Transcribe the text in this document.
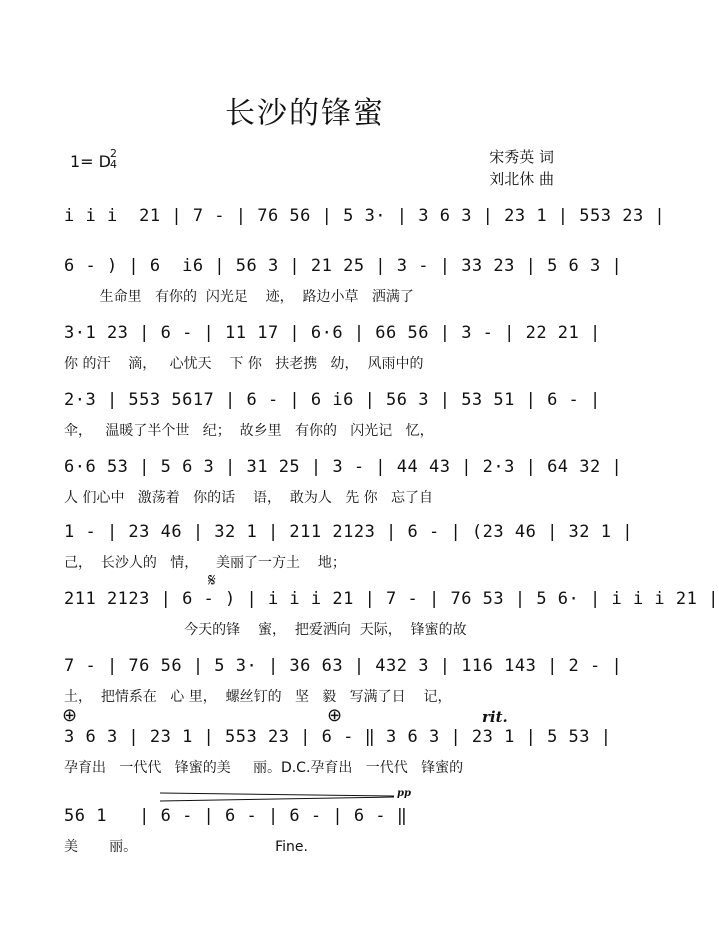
长沙的锋蜜
1= D 2
4	宋秀英 词
刘北休 曲
i i i  21 | 7 - | 76 56 | 5 3· | 3 6 3 | 23 1 | 553 23 |
6 - ) | 6  i6 | 56 3 | 21 25 | 3 - | 33 23 | 5 6 3 |
生命里   有你的  闪光足    迹，  路边小草   洒满了
3·1 23 | 6 - | 11 17 | 6·6 | 66 56 | 3 - | 22 21 |
你 的汗    滴，   心忧天    下 你   扶老携   幼，  风雨中的
2·3 | 553 5617 | 6 - | 6 i6 | 56 3 | 53 51 | 6 - |
伞，   温暖了半个世   纪；  故乡里   有你的   闪光记   忆，
6·6 53 | 5 6 3 | 31 25 | 3 - | 44 43 | 2·3 | 64 32 |
人 们心中   激荡着   你的话    语，  敢为人   先 你   忘了自
1 - | 23 46 | 32 1 | 211 2123 | 6 - | (23 46 | 32 1 |
己，  长沙人的   情，    美丽了一方土    地；
211 2123 | 6 - ) | i i i 21 | 7 - | 76 53 | 5 6· | i i i 21 |
今天的锋    蜜，  把爱洒向  天际，  锋蜜的故
7 - | 76 56 | 5 3· | 36 63 | 432 3 | 116 143 | 2 - |
土，  把情系在   心 里，  螺丝钉的   坚   毅   写满了日    记，
3 6 3 | 23 1 | 553 23 | 6 - ‖ 3 6 3 | 23 1 | 5 53 |
孕育出   一代代   锋蜜的美     丽。D.C.孕育出   一代代   锋蜜的
56 1   | 6 - | 6 - | 6 - | 6 - ‖
美       丽。                               Fine.
𝄋
⊕	⊕	rit.
pp
